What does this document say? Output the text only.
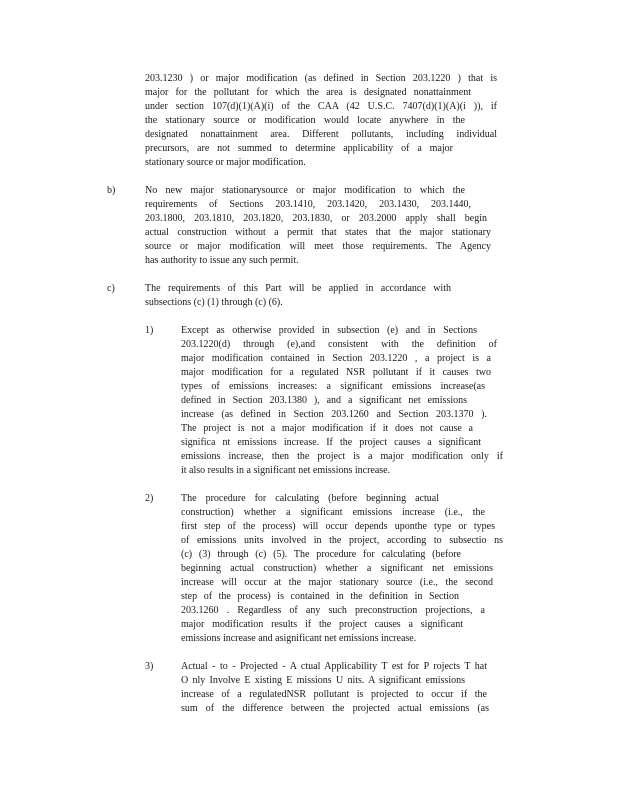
203.1230 ) or major modification (as defined in Section 203.1220 ) that is
major for the pollutant for which the area is designated nonattainment
under section 107(d)(1)(A)(i) of the CAA (42 U.S.C. 7407(d)(1)(A)(i )), if
the stationary source or modification would locate anywhere in the
designated nonattainment area. Different pollutants, including individual
precursors, are not summed to determine applicability of a major
stationary source or major modification.
b)	No new major stationarysource or major modification to which the
requirements of Sections 203.1410, 203.1420, 203.1430, 203.1440,
203.1800, 203.1810, 203.1820, 203.1830, or 203.2000 apply shall begin
actual construction without a permit that states that the major stationary
source or major modification will meet those requirements. The Agency
has authority to issue any such permit.
c)	The requirements of this Part will be applied in accordance with
subsections (c) (1) through (c) (6).
1)	Except as otherwise provided in subsection (e) and in Sections
203.1220(d) through (e),and consistent with the definition of
major modification contained in Section 203.1220 , a project is a
major modification for a regulated NSR pollutant if it causes two
types of emissions increases: a significant emissions increase(as
defined in Section 203.1380 ), and a significant net emissions
increase (as defined in Section 203.1260 and Section 203.1370 ).
The project is not a major modification if it does not cause a
significa nt emissions increase. If the project causes a significant
emissions increase, then the project is a major modification only if
it also results in a significant net emissions increase.
2)	The procedure for calculating (before beginning actual
construction) whether a significant emissions increase (i.e., the
first step of the process) will occur depends uponthe type or types
of emissions units involved in the project, according to subsectio ns
(c) (3) through (c) (5). The procedure for calculating (before
beginning actual construction) whether a significant net emissions
increase will occur at the major stationary source (i.e., the second
step of the process) is contained in the definition in Section
203.1260 . Regardless of any such preconstruction projections, a
major modification results if the project causes a significant
emissions increase and asignificant net emissions increase.
3)	Actual - to - Projected - A ctual Applicability T est for P rojects T hat
O nly Involve E xisting E missions U nits. A significant emissions
increase of a regulatedNSR pollutant is projected to occur if the
sum of the difference between the projected actual emissions (as
